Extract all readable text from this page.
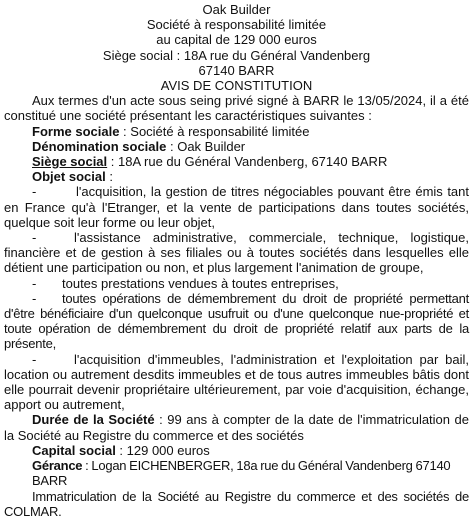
Oak Builder
Société à responsabilité limitée
au capital de 129 000 euros
Siège social : 18A rue du Général Vandenberg
67140 BARR
AVIS DE CONSTITUTION

Aux termes d'un acte sous seing privé signé à BARR le 13/05/2024, il a été constitué une société présentant les caractéristiques suivantes :

Forme sociale : Société à responsabilité limitée
Dénomination sociale : Oak Builder
Siège social : 18A rue du Général Vandenberg, 67140 BARR
Objet social :
-	l'acquisition, la gestion de titres négociables pouvant être émis tant en France qu'à l'Etranger, et la vente de participations dans toutes sociétés, quelque soit leur forme ou leur objet,
-	l'assistance administrative, commerciale, technique, logistique, financière et de gestion à ses filiales ou à toutes sociétés dans lesquelles elle détient une participation ou non, et plus largement l'animation de groupe,
- toutes prestations vendues à toutes entreprises,
- toutes opérations de démembrement du droit de propriété permettant d'être bénéficiaire d'un quelconque usufruit ou d'une quelconque nue-propriété et toute opération de démembrement du droit de propriété relatif aux parts de la présente,
-	l'acquisition d'immeubles, l'administration et l'exploitation par bail, location ou autrement desdits immeubles et de tous autres immeubles bâtis dont elle pourrait devenir propriétaire ultérieurement, par voie d'acquisition, échange, apport ou autrement,

Durée de la Société : 99 ans à compter de la date de l'immatriculation de la Société au Registre du commerce et des sociétés

Capital social : 129 000 euros
Gérance : Logan EICHENBERGER, 18a rue du Général Vandenberg 67140 BARR

Immatriculation de la Société au Registre du commerce et des sociétés de COLMAR.
